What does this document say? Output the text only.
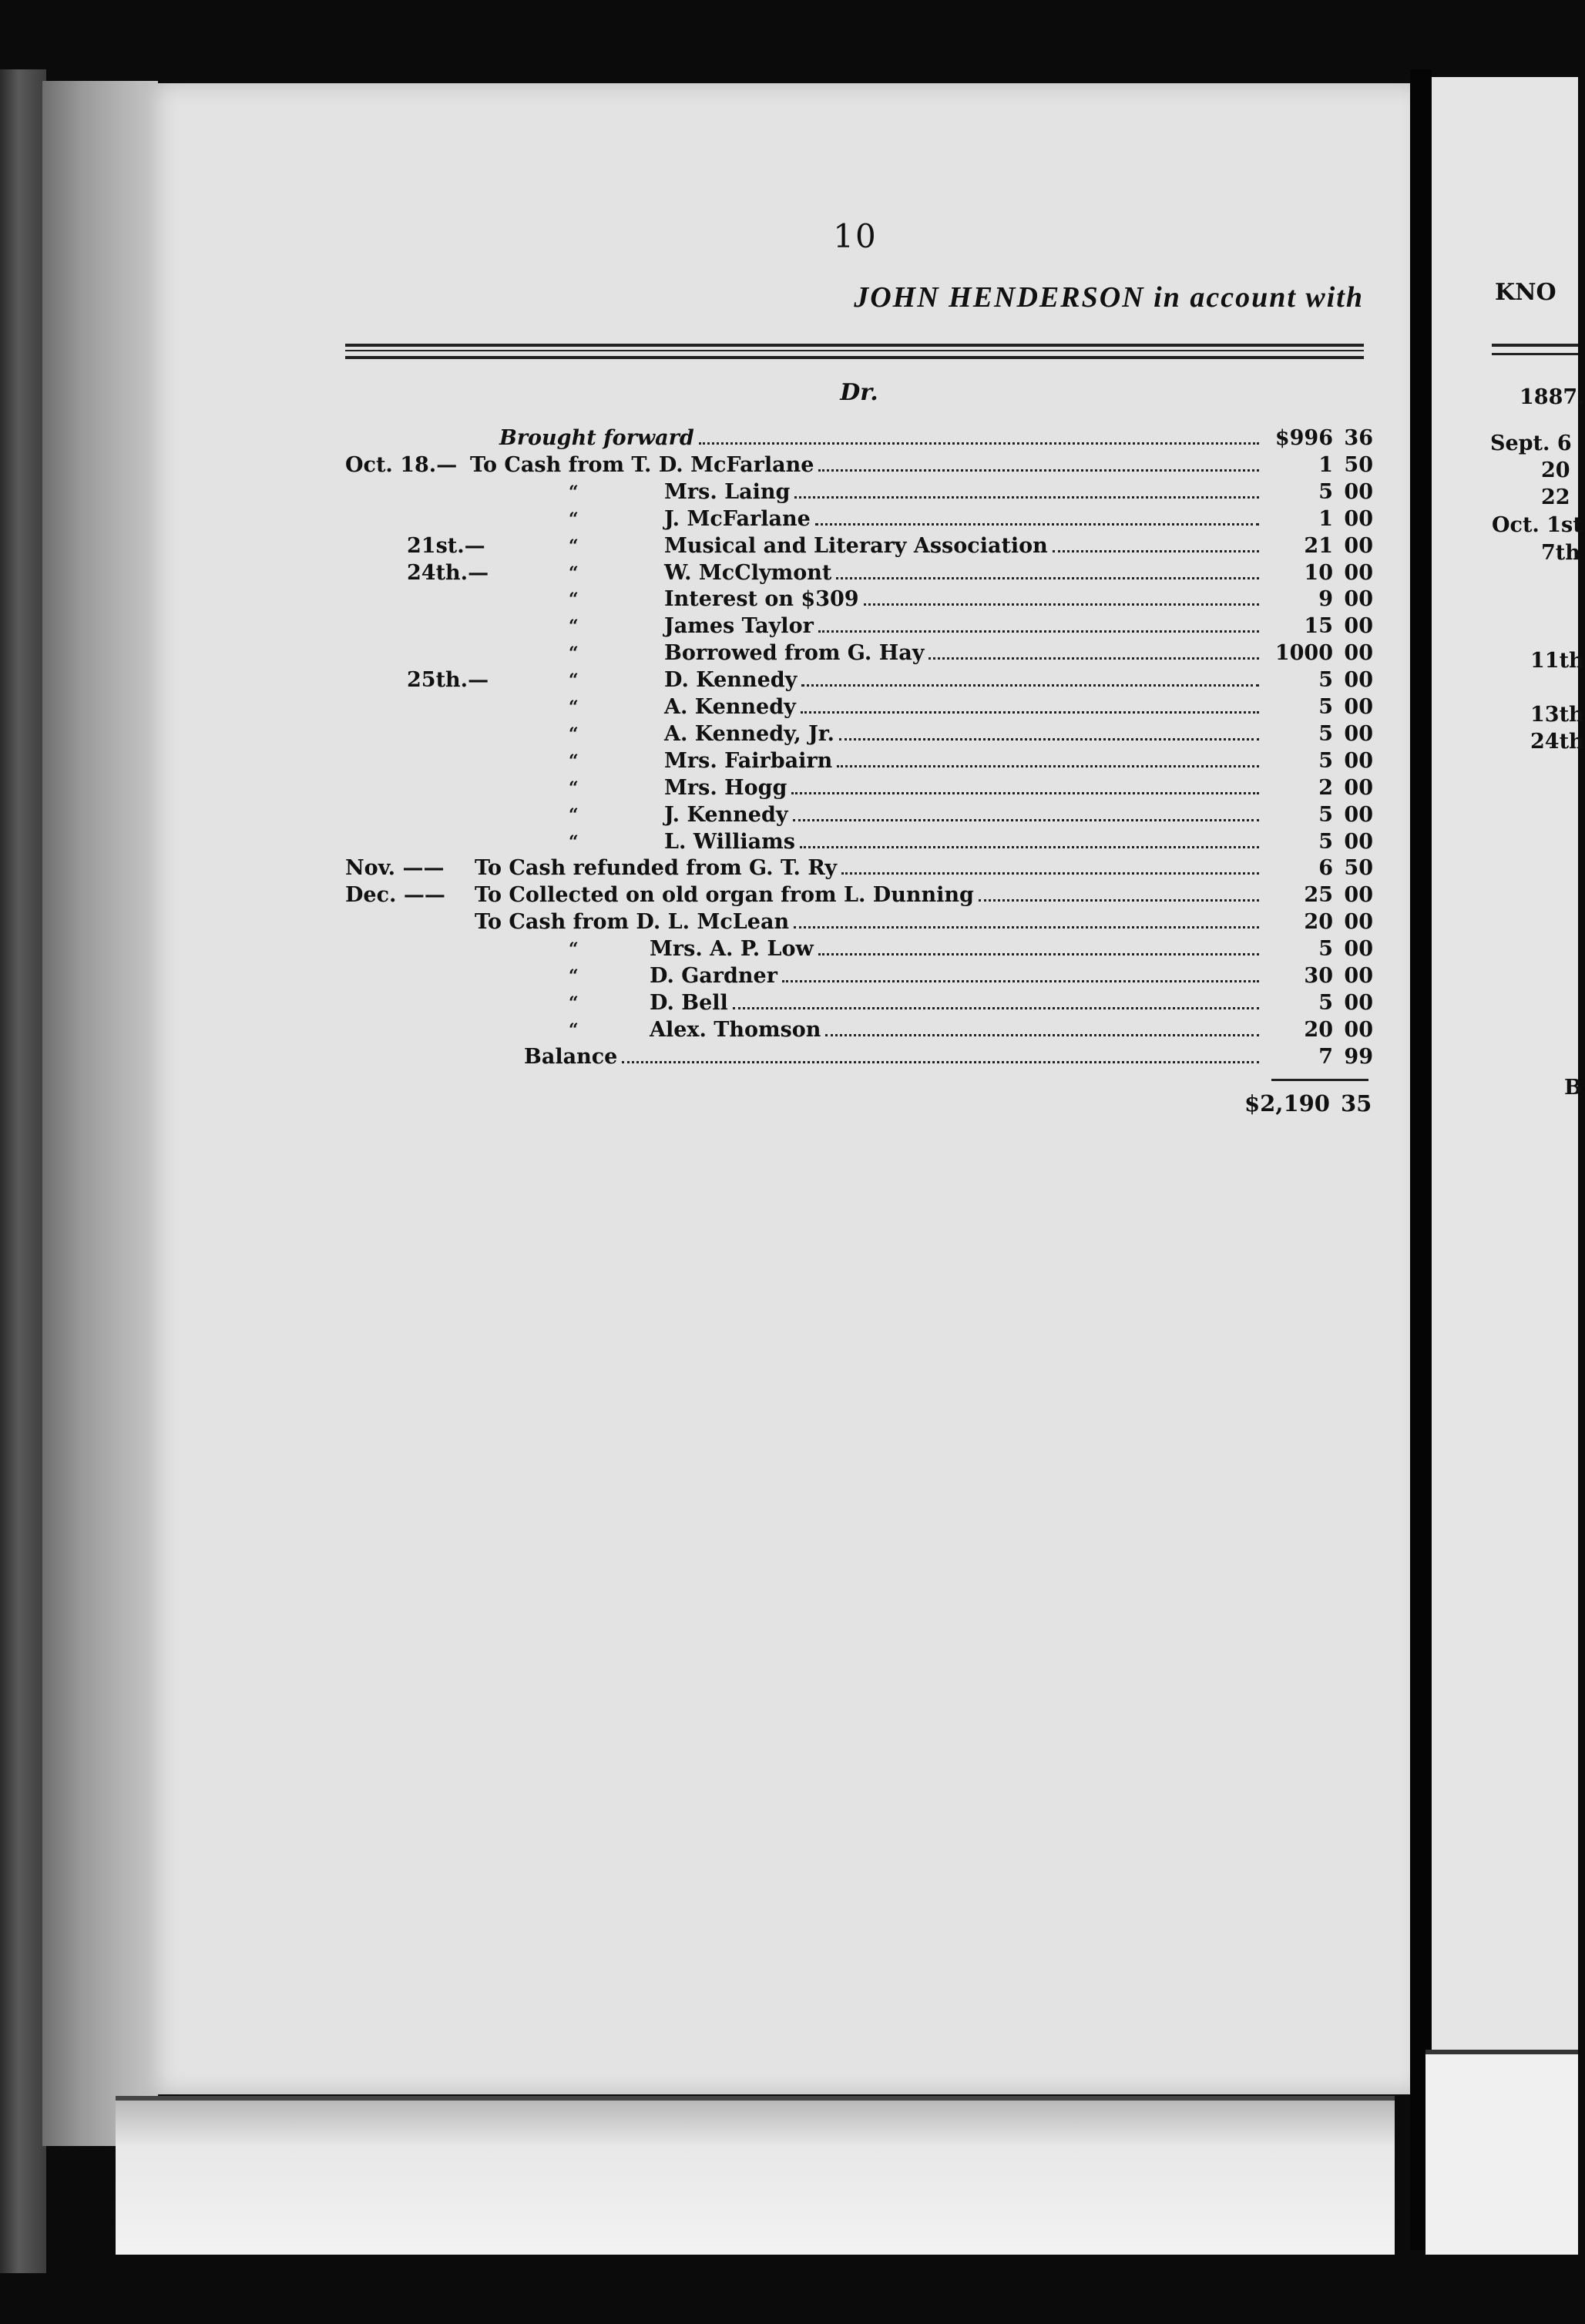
10
JOHN HENDERSON in account with
Dr.
Brought forward	$996 36
Oct. 18.— To Cash from T. D. McFarlane	1 50
“	Mrs. Laing	5 00
“	J. McFarlane	1 00
21st.—	“	Musical and Literary Association	21 00
24th.—	“	W. McClymont	10 00
“	Interest on $309	9 00
“	James Taylor	15 00
“	Borrowed from G. Hay	1000 00
25th.—	“	D. Kennedy	5 00
“	A. Kennedy	5 00
“	A. Kennedy, Jr.	5 00
“	Mrs. Fairbairn	5 00
“	Mrs. Hogg	2 00
“	J. Kennedy	5 00
“	L. Williams	5 00
Nov. ——	To Cash refunded from G. T. Ry	6 50
Dec. ——	To Collected on old organ from L. Dunning	25 00
To Cash from D. L. McLean	20 00
“	Mrs. A. P. Low	5 00
“	D. Gardner	30 00
“	D. Bell	5 00
“	Alex. Thomson	20 00
Balance	7 99
$2,190 35
KNO
1887.
Sept. 6
20
22
Oct. 1st
7th
11th
13th
24th
B
